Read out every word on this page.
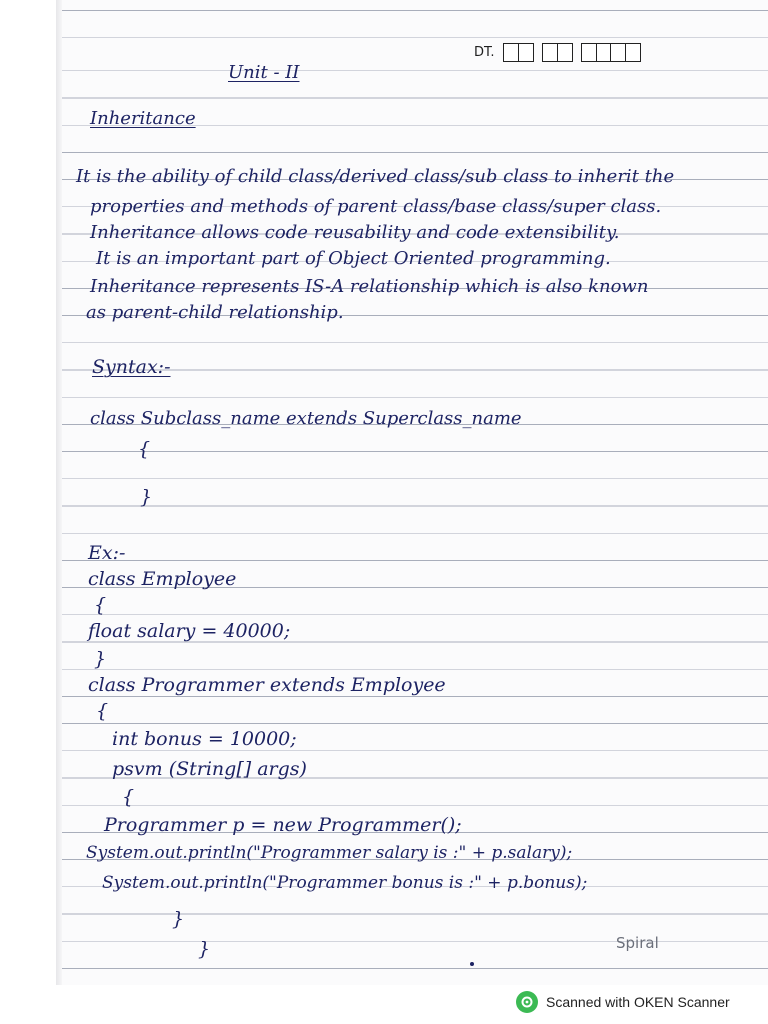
DT.

Unit - II

Inheritance

It is the ability of child class/derived class/sub class to inherit the

properties and methods of parent class/base class/super class.

Inheritance allows code reusability and code extensibility.

It is an important part of Object Oriented programming.

Inheritance represents IS-A relationship which is also known

as parent-child relationship.

Syntax:-

class Subclass_name extends Superclass_name

{

}

Ex:-

class Employee

{

float salary = 40000;

}

class Programmer extends Employee

{

int bonus = 10000;

psvm (String[] args)

{

Programmer p = new Programmer();

System.out.println("Programmer salary is :" + p.salary);

System.out.println("Programmer bonus is :" + p.bonus);

}

}	Spiral
Scanned with OKEN Scanner
